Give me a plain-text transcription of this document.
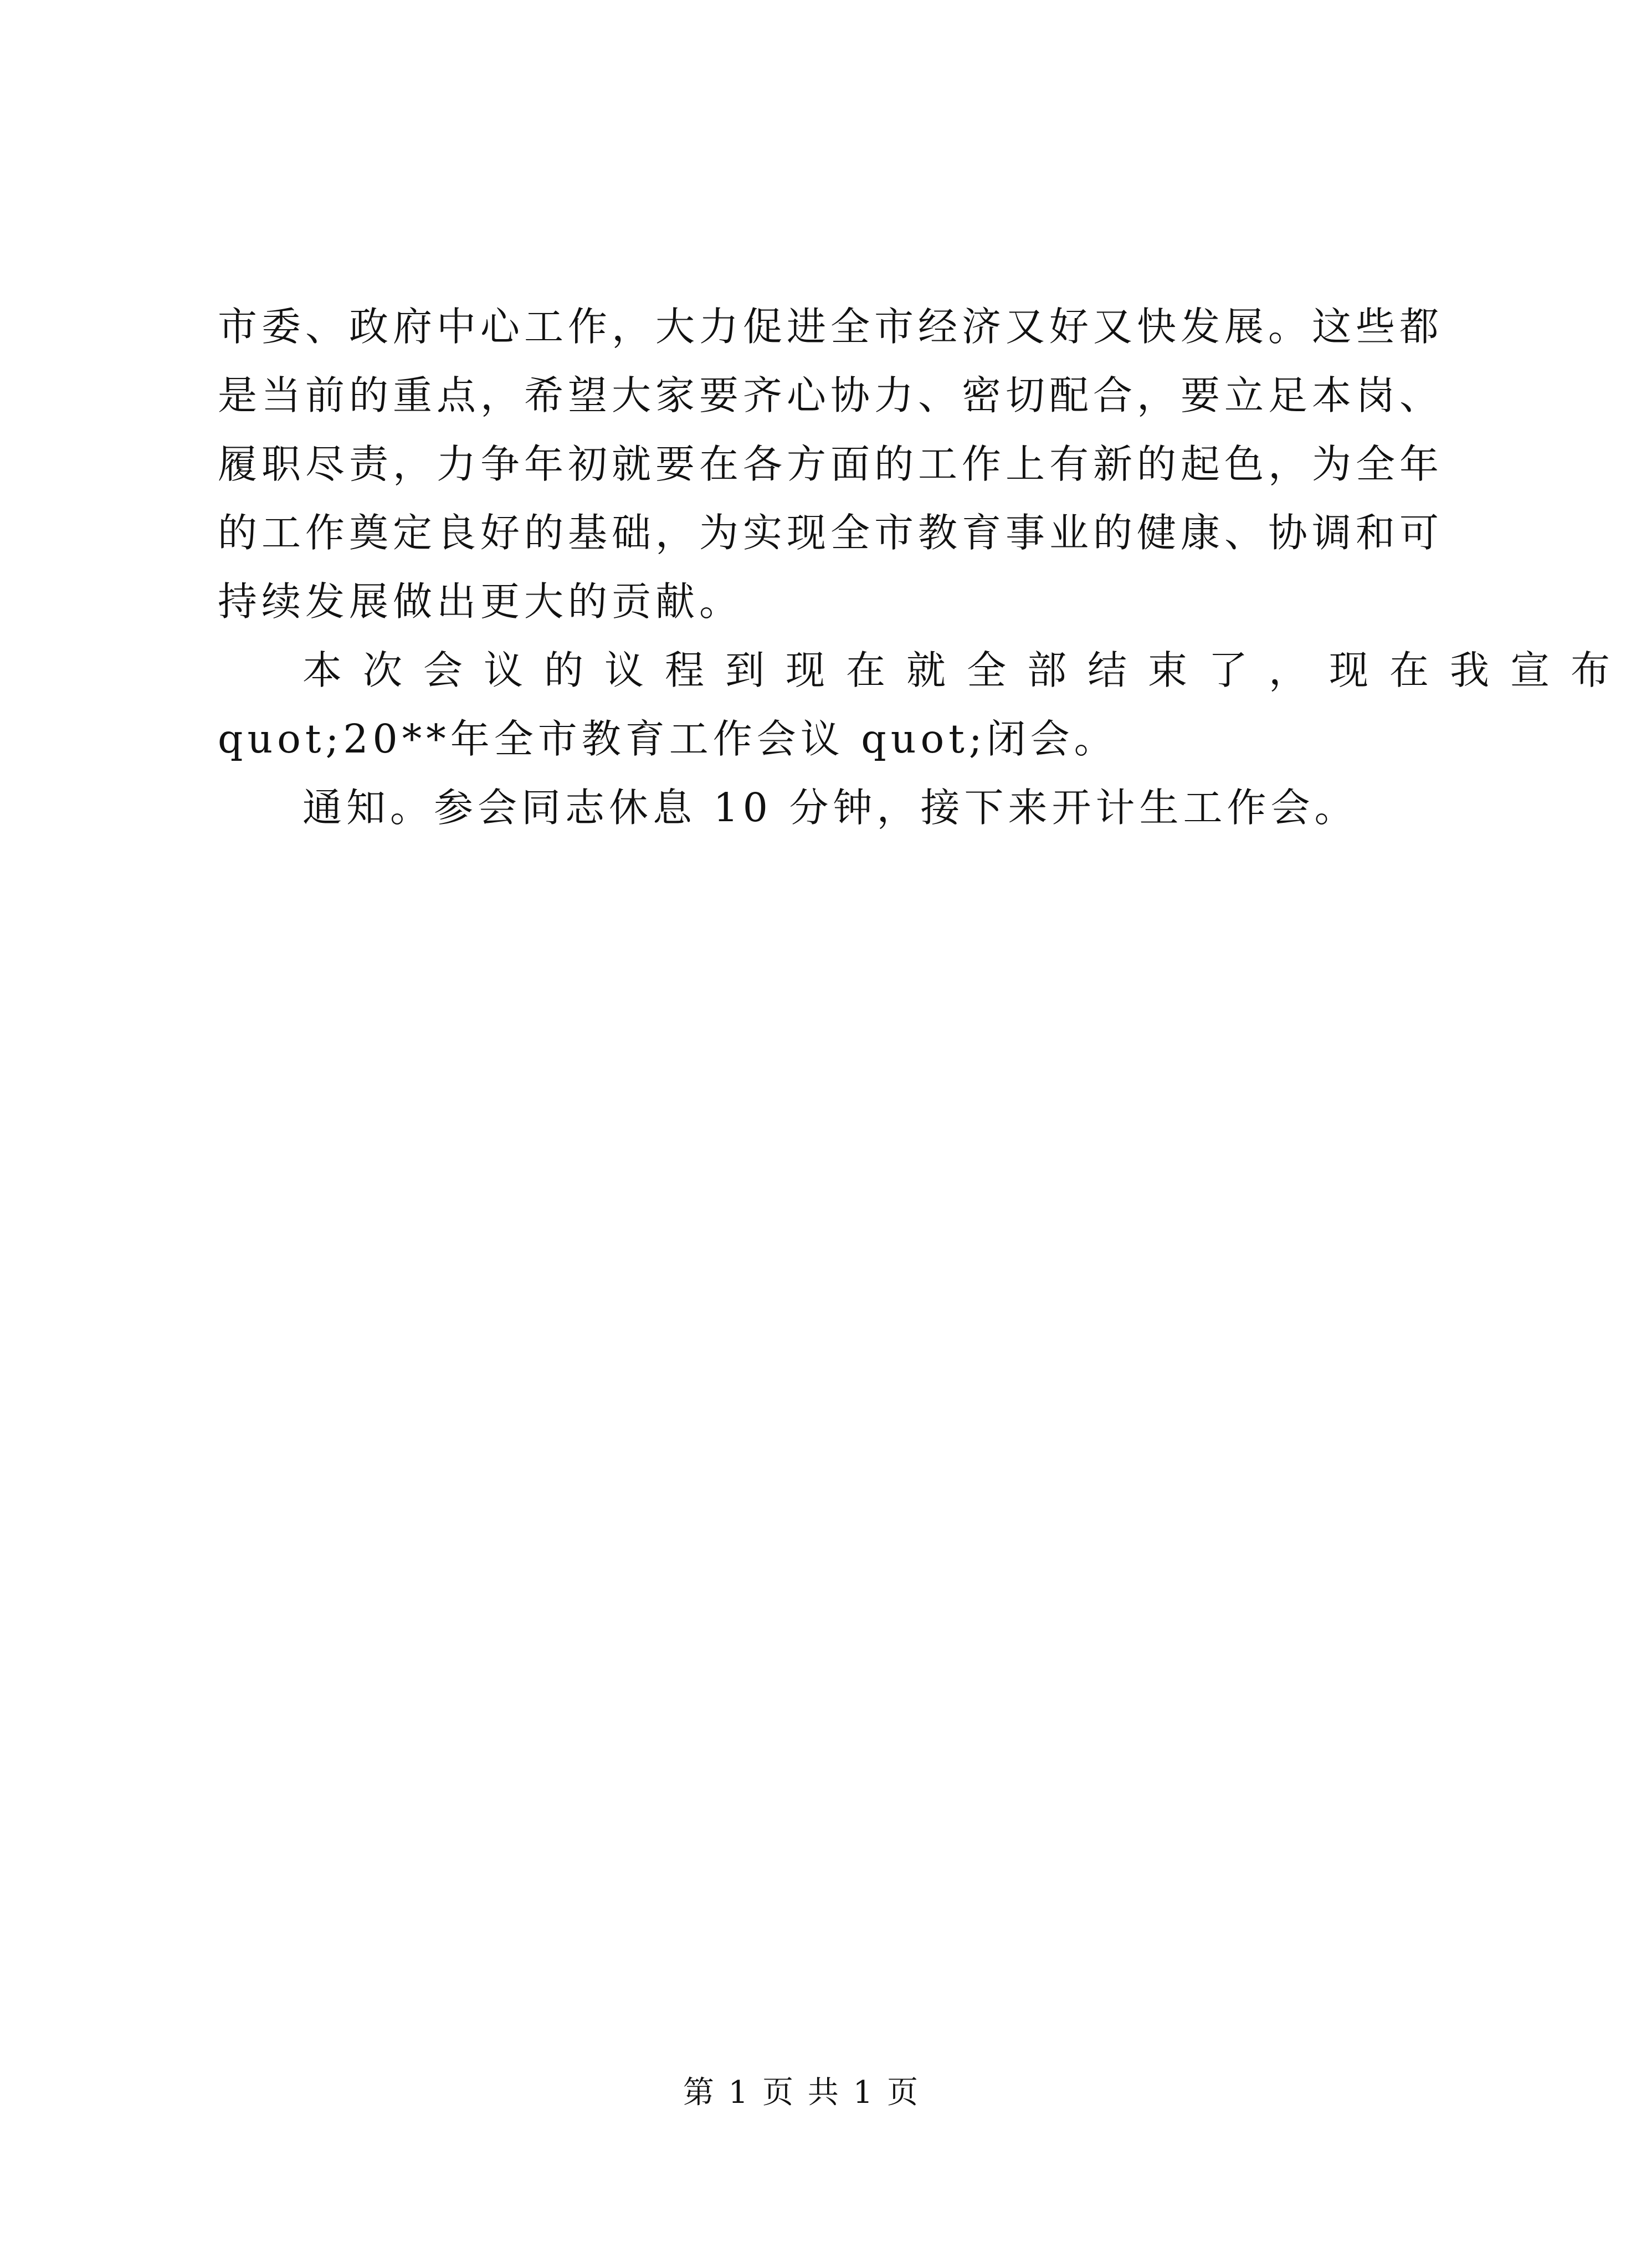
市委、政府中心工作，大力促进全市经济又好又快发展。这些都
是当前的重点，希望大家要齐心协力、密切配合，要立足本岗、
履职尽责，力争年初就要在各方面的工作上有新的起色，为全年
的工作奠定良好的基础，为实现全市教育事业的健康、协调和可
持续发展做出更大的贡献。
本次会议的议程到现在就全部结束了，现在我宣布
quot;20**年全市教育工作会议 quot;闭会。
通知。参会同志休息 10 分钟，接下来开计生工作会。
第 1 页 共 1 页
